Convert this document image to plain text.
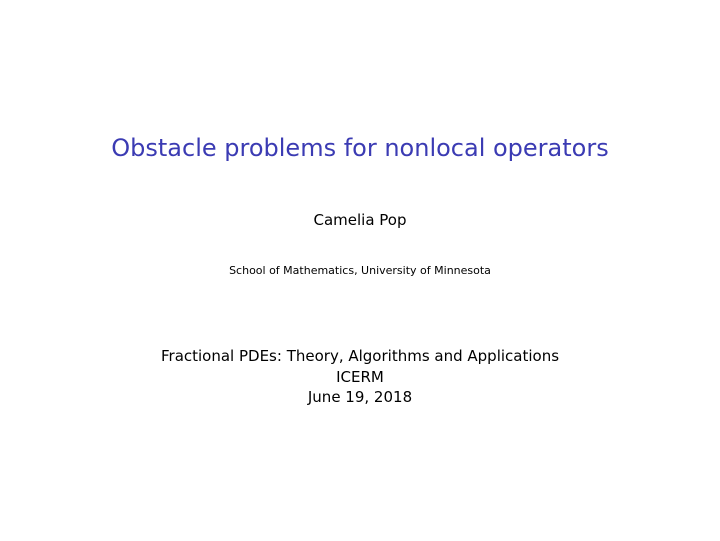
Obstacle problems for nonlocal operators
Camelia Pop
School of Mathematics, University of Minnesota
Fractional PDEs: Theory, Algorithms and Applications
ICERM
June 19, 2018
